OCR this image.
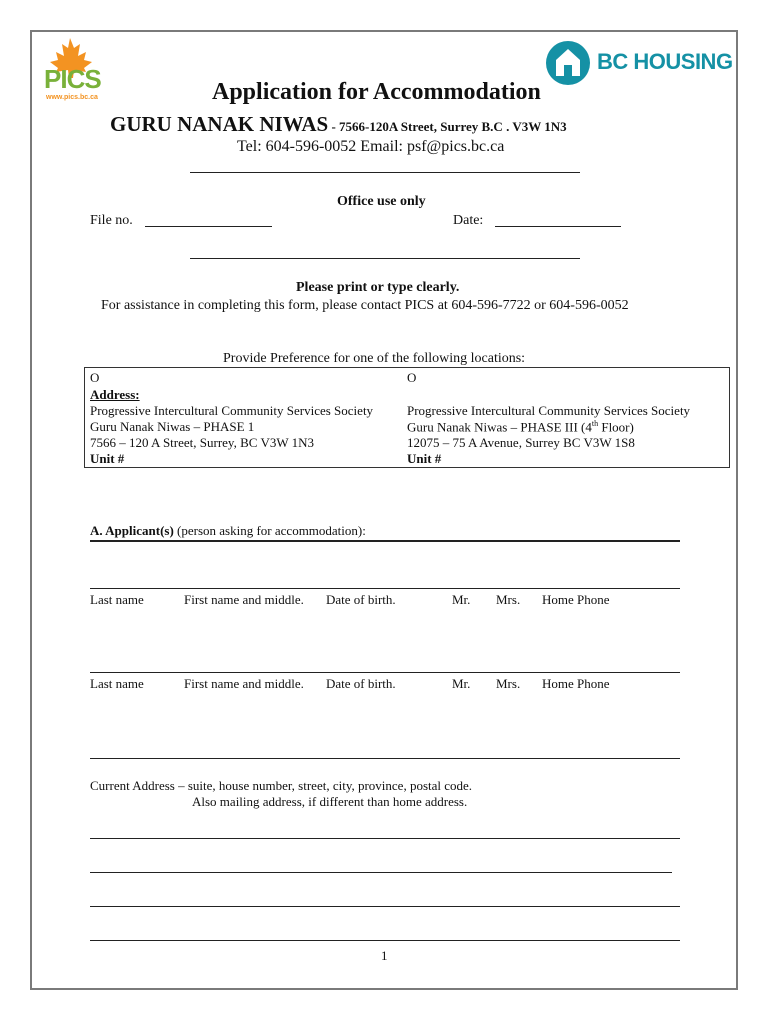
PICS
www.pics.bc.ca
BC HOUSING
Application for Accommodation
GURU NANAK NIWAS - 7566-120A Street, Surrey B.C . V3W 1N3
Tel: 604-596-0052 Email: psf@pics.bc.ca
Office use only
File no.	Date:
Please print or type clearly.
For assistance in completing this form, please contact PICS at 604-596-7722 or 604-596-0052
Provide Preference for one of the following locations:
O
Address:
Progressive Intercultural Community Services Society
Guru Nanak Niwas – PHASE 1
7566 – 120 A Street, Surrey, BC V3W 1N3
Unit #
O
Progressive Intercultural Community Services Society
Guru Nanak Niwas – PHASE III (4th Floor)
12075 – 75 A Avenue, Surrey BC V3W 1S8
Unit #
A. Applicant(s) (person asking for accommodation):
Last name	First name and middle. Date of birth.	Mr. Mrs. Home Phone
Last name	First name and middle. Date of birth.	Mr. Mrs. Home Phone
Current Address – suite, house number, street, city, province, postal code.
Also mailing address, if different than home address.
1
